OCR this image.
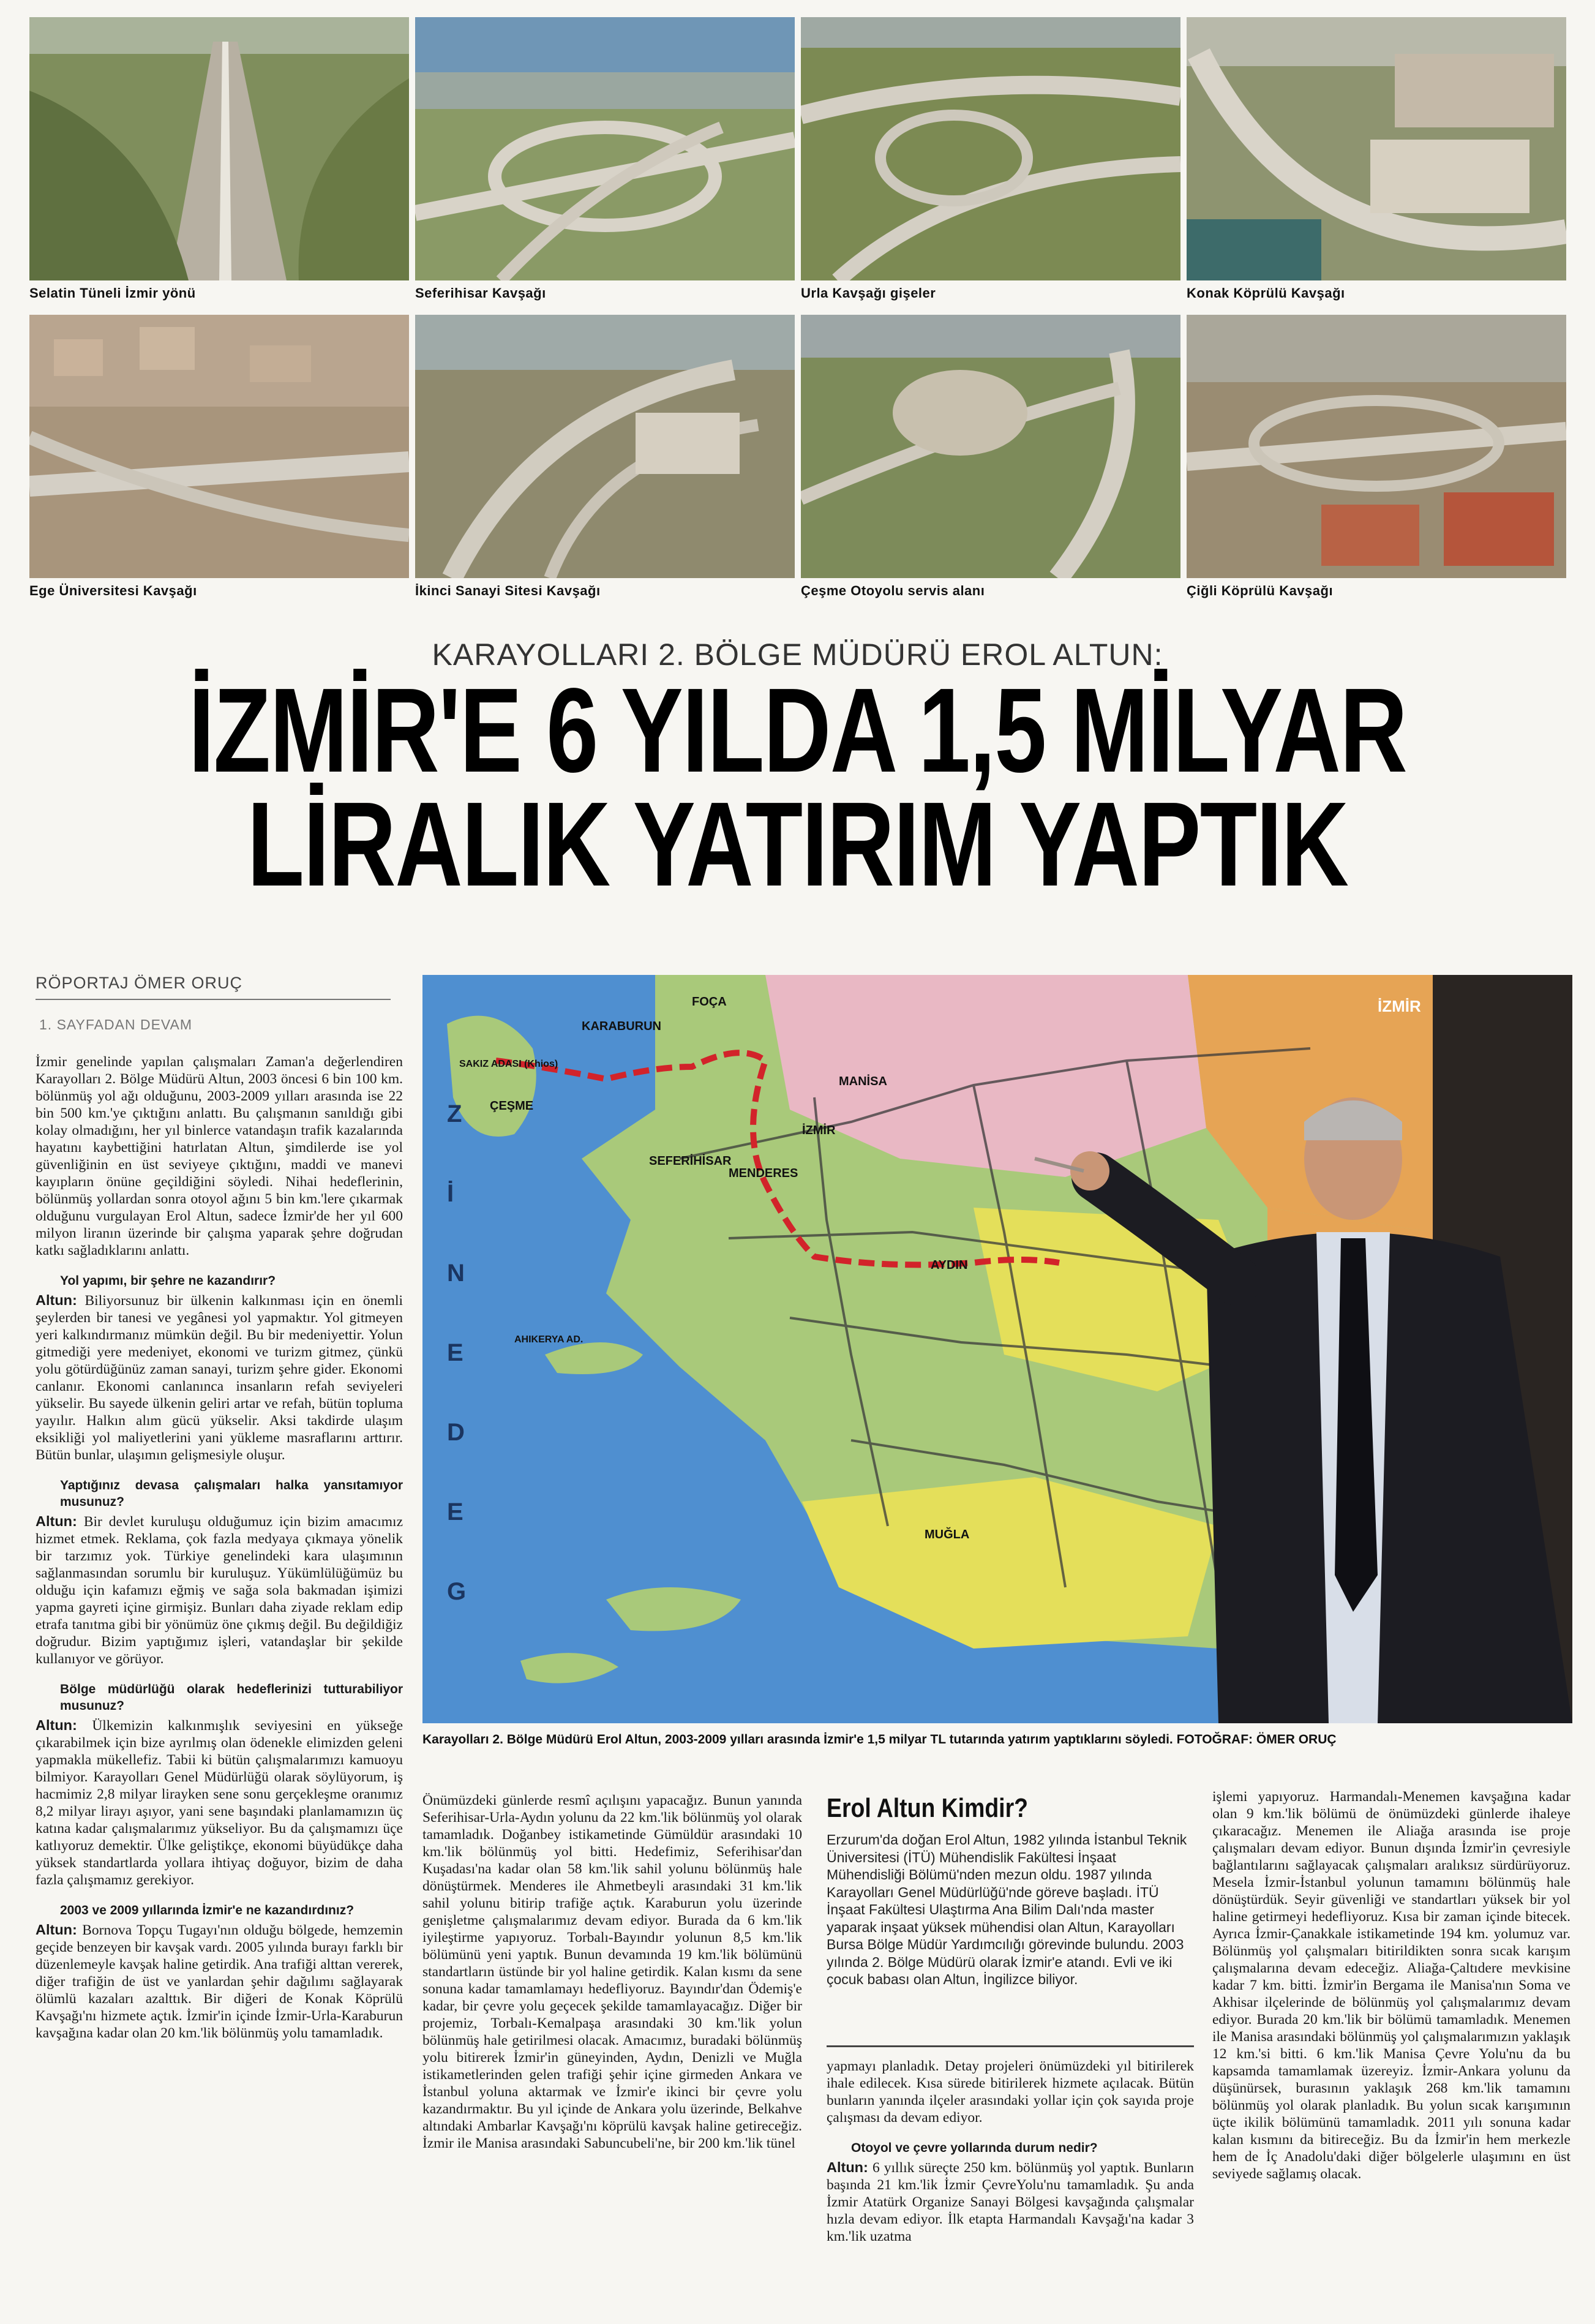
Selatin Tüneli İzmir yönü	Seferihisar Kavşağı	Urla Kavşağı gişeler	Konak Köprülü Kavşağı
Ege Üniversitesi Kavşağı	İkinci Sanayi Sitesi Kavşağı	Çeşme Otoyolu servis alanı	Çiğli Köprülü Kavşağı
KARAYOLLARI 2. BÖLGE MÜDÜRÜ EROL ALTUN:
İZMİR'E 6 YILDA 1,5 MİLYAR
LİRALIK YATIRIM YAPTIK
RÖPORTAJ ÖMER ORUÇ
1. SAYFADAN DEVAM

İzmir genelinde yapılan çalışmaları Zaman'a değerlendiren Karayolları 2. Bölge Müdürü Altun, 2003 öncesi 6 bin 100 km. bölünmüş yol ağı olduğunu, 2003-2009 yılları arasında ise 22 bin 500 km.'ye çıktığını anlattı. Bu çalışmanın sanıldığı gibi kolay olmadığını, her yıl binlerce vatandaşın trafik kazalarında hayatını kaybettiğini hatırlatan Altun, şimdilerde ise yol güvenliğinin en üst seviyeye çıktığını, maddi ve manevi kayıpların önüne geçildiğini söyledi. Nihai hedeflerinin, bölünmüş yollardan sonra otoyol ağını 5 bin km.'lere çıkarmak olduğunu vurgulayan Erol Altun, sadece İzmir'de her yıl 600 milyon liranın üzerinde bir çalışma yaparak şehre doğrudan katkı sağladıklarını anlattı.

Yol yapımı, bir şehre ne kazandırır?

Altun: Biliyorsunuz bir ülkenin kalkınması için en önemli şeylerden bir tanesi ve yegânesi yol yapmaktır. Yol gitmeyen yeri kalkındırmanız mümkün değil. Bu bir medeniyettir. Yolun gitmediği yere medeniyet, ekonomi ve turizm gitmez, çünkü yolu götürdüğünüz zaman sanayi, turizm şehre gider. Ekonomi canlanır. Ekonomi canlanınca insanların refah seviyeleri yükselir. Bu sayede ülkenin geliri artar ve refah, bütün topluma yayılır. Halkın alım gücü yükselir. Aksi takdirde ulaşım eksikliği yol maliyetlerini yani yükleme masraflarını arttırır. Bütün bunlar, ulaşımın gelişmesiyle oluşur.

Yaptığınız devasa çalışmaları halka yansıtamıyor musunuz?

Altun: Bir devlet kuruluşu olduğumuz için bizim amacımız hizmet etmek. Reklama, çok fazla medyaya çıkmaya yönelik bir tarzımız yok. Türkiye genelindeki kara ulaşımının sağlanmasından sorumlu bir kuruluşuz. Yükümlülüğümüz bu olduğu için kafamızı eğmiş ve sağa sola bakmadan işimizi yapma gayreti içine girmişiz. Bunları daha ziyade reklam edip etrafa tanıtma gibi bir yönümüz öne çıkmış değil. Bu değildiğiz doğrudur. Bizim yaptığımız işleri, vatandaşlar bir şekilde kullanıyor ve görüyor.

Bölge müdürlüğü olarak hedeflerinizi tutturabiliyor musunuz?

Altun: Ülkemizin kalkınmışlık seviyesini en yükseğe çıkarabilmek için bize ayrılmış olan ödenekle elimizden geleni yapmakla mükellefiz. Tabii ki bütün çalışmalarımızı kamuoyu bilmiyor. Karayolları Genel Müdürlüğü olarak söylüyorum, iş hacmimiz 2,8 milyar lirayken sene sonu gerçekleşme oranımız 8,2 milyar lirayı aşıyor, yani sene başındaki planlamamızın üç katına kadar çalışmalarımız yükseliyor. Bu da çalışmamızı üçe katlıyoruz demektir. Ülke geliştikçe, ekonomi büyüdükçe daha yüksek standartlarda yollara ihtiyaç doğuyor, bizim de daha fazla çalışmamız gerekiyor.

2003 ve 2009 yıllarında İzmir'e ne kazandırdınız?

Altun: Bornova Topçu Tugayı'nın olduğu bölgede, hemzemin geçide benzeyen bir kavşak vardı. 2005 yılında burayı farklı bir düzenlemeyle kavşak haline getirdik. Ana trafiği alttan vererek, diğer trafiğin de üst ve yanlardan şehir dağılımı sağlayarak ölümlü kazaları azalttık. Bir diğeri de Konak Köprülü Kavşağı'nı hizmete açtık. İzmir'in içinde İzmir-Urla-Karaburun kavşağına kadar olan 20 km.'lik bölünmüş yolu tamamladık.

Z
İ
N
E
D
E
G
İZMİR
MANİSA
AYDIN
MUĞLA
ÇEŞME
MENDERES
SEFERİHİSAR
KARABURUN
FOÇA
SAKIZ ADASI (Khios)
AHIKERYA AD.
İZMİR
Karayolları 2. Bölge Müdürü Erol Altun, 2003-2009 yılları arasında İzmir'e 1,5 milyar TL tutarında yatırım yaptıklarını söyledi. FOTOĞRAF: ÖMER ORUÇ

Önümüzdeki günlerde resmî açılışını yapacağız. Bunun yanında Seferihisar-Urla-Aydın yolunu da 22 km.'lik bölünmüş yol olarak tamamladık. Doğanbey istikametinde Gümüldür arasındaki 10 km.'lik bölünmüş yol bitti. Hedefimiz, Seferihisar'dan Kuşadası'na kadar olan 58 km.'lik sahil yolunu bölünmüş hale dönüştürmek. Menderes ile Ahmetbeyli arasındaki 31 km.'lik sahil yolunu bitirip trafiğe açtık. Karaburun yolu üzerinde genişletme çalışmalarımız devam ediyor. Burada da 6 km.'lik iyileştirme yapıyoruz. Torbalı-Bayındır yolunun 8,5 km.'lik bölümünü yeni yaptık. Bunun devamında 19 km.'lik bölümünü standartların üstünde bir yol haline getirdik. Kalan kısmı da sene sonuna kadar tamamlamayı hedefliyoruz. Bayındır'dan Ödemiş'e kadar, bir çevre yolu geçecek şekilde tamamlayacağız. Diğer bir projemiz, Torbalı-Kemalpaşa arasındaki 30 km.'lik yolun bölünmüş hale getirilmesi olacak. Amacımız, buradaki bölünmüş yolu bitirerek İzmir'in güneyinden, Aydın, Denizli ve Muğla istikametlerinden gelen trafiği şehir içine girmeden Ankara ve İstanbul yoluna aktarmak ve İzmir'e ikinci bir çevre yolu kazandırmaktır. Bu yıl içinde de Ankara yolu üzerinde, Belkahve altındaki Ambarlar Kavşağı'nı köprülü kavşak haline getireceğiz. İzmir ile Manisa arasındaki Sabuncubeli'ne, bir 200 km.'lik tünel

Erol Altun Kimdir?
Erzurum'da doğan Erol Altun, 1982 yılında İstanbul Teknik Üniversitesi (İTÜ) Mühendislik Fakültesi İnşaat Mühendisliği Bölümü'nden mezun oldu. 1987 yılında Karayolları Genel Müdürlüğü'nde göreve başladı. İTÜ İnşaat Fakültesi Ulaştırma Ana Bilim Dalı'nda master yaparak inşaat yüksek mühendisi olan Altun, Karayolları Bursa Bölge Müdür Yardımcılığı görevinde bulundu. 2003 yılında 2. Bölge Müdürü olarak İzmir'e atandı. Evli ve iki çocuk babası olan Altun, İngilizce biliyor.

yapmayı planladık. Detay projeleri önümüzdeki yıl bitirilerek ihale edilecek. Kısa sürede bitirilerek hizmete açılacak. Bütün bunların yanında ilçeler arasındaki yollar için çok sayıda proje çalışması da devam ediyor.

Otoyol ve çevre yollarında durum nedir?

Altun: 6 yıllık süreçte 250 km. bölünmüş yol yaptık. Bunların başında 21 km.'lik İzmir ÇevreYolu'nu tamamladık. Şu anda İzmir Atatürk Organize Sanayi Bölgesi kavşağında çalışmalar hızla devam ediyor. İlk etapta Harmandalı Kavşağı'na kadar 3 km.'lik uzatma

işlemi yapıyoruz. Harmandalı-Menemen kavşağına kadar olan 9 km.'lik bölümü de önümüzdeki günlerde ihaleye çıkaracağız. Menemen ile Aliağa arasında ise proje çalışmaları devam ediyor. Bunun dışında İzmir'in çevresiyle bağlantılarını sağlayacak çalışmaları aralıksız sürdürüyoruz. Mesela İzmir-İstanbul yolunun tamamını bölünmüş hale dönüştürdük. Seyir güvenliği ve standartları yüksek bir yol haline getirmeyi hedefliyoruz. Kısa bir zaman içinde bitecek. Ayrıca İzmir-Çanakkale istikametinde 194 km. yolumuz var. Bölünmüş yol çalışmaları bitirildikten sonra sıcak karışım çalışmalarına devam edeceğiz. Aliağa-Çaltıdere mevkisine kadar 7 km. bitti. İzmir'in Bergama ile Manisa'nın Soma ve Akhisar ilçelerinde de bölünmüş yol çalışmalarımız devam ediyor. Burada 20 km.'lik bir bölümü tamamladık. Menemen ile Manisa arasındaki bölünmüş yol çalışmalarımızın yaklaşık 12 km.'si bitti. 6 km.'lik Manisa Çevre Yolu'nu da bu kapsamda tamamlamak üzereyiz. İzmir-Ankara yolunu da düşünürsek, burasının yaklaşık 268 km.'lik tamamını bölünmüş yol olarak planladık. Bu yolun sıcak karışımının üçte ikilik bölümünü tamamladık. 2011 yılı sonuna kadar kalan kısmını da bitireceğiz. Bu da İzmir'in hem merkezle hem de İç Anadolu'daki diğer bölgelerle ulaşımını en üst seviyede sağlamış olacak.
